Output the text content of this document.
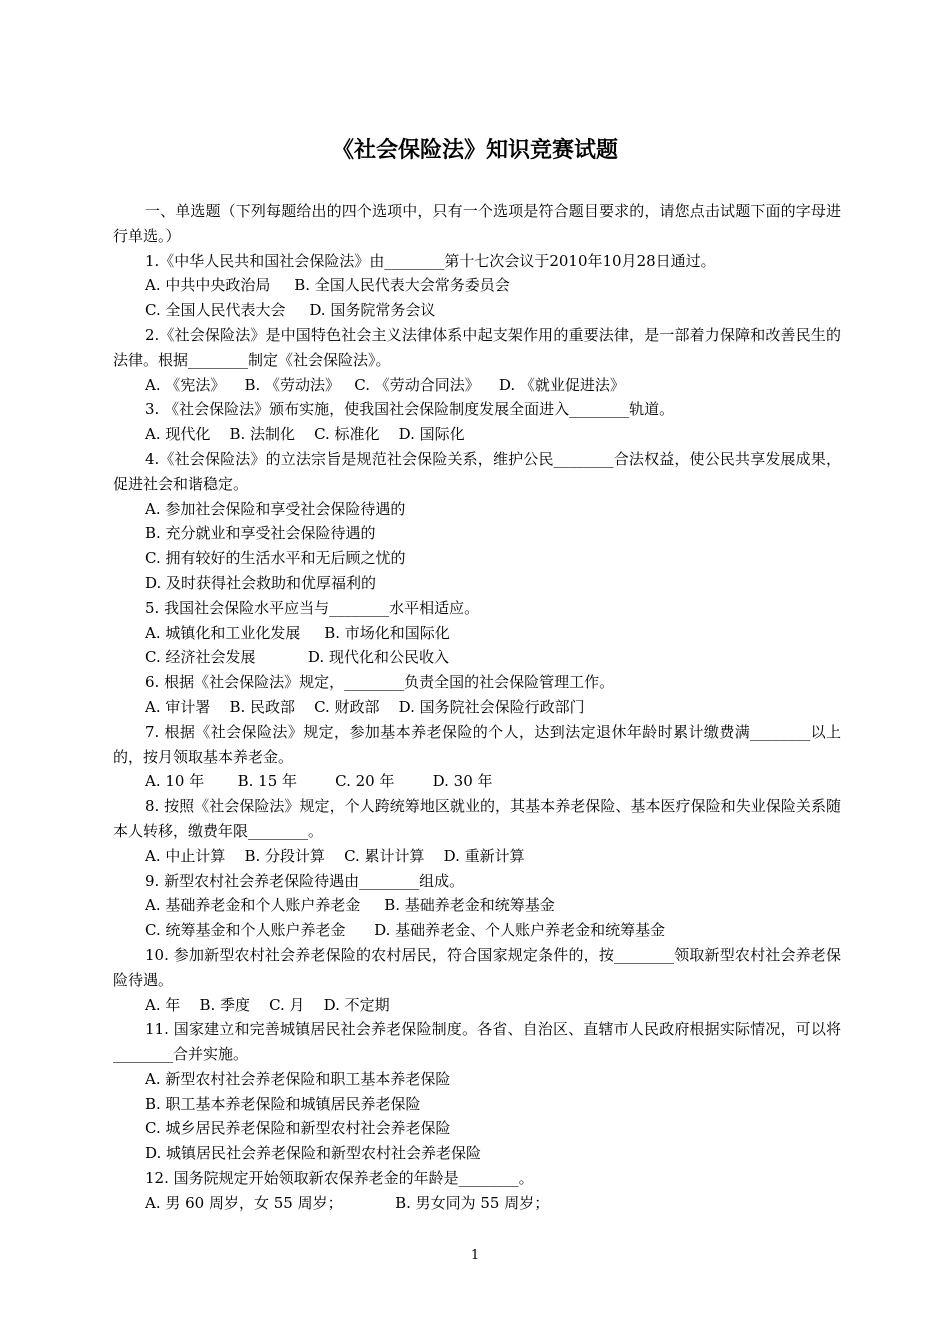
《社会保险法》知识竞赛试题

一、单选题（下列每题给出的四个选项中，只有一个选项是符合题目要求的，请您点击试题下面的字母进行单选。）

1.《中华人民共和国社会保险法》由________第十七次会议于2010年10月28日通过。

A. 中共中央政治局     B. 全国人民代表大会常务委员会

C. 全国人民代表大会     D. 国务院常务会议

2.《社会保险法》是中国特色社会主义法律体系中起支架作用的重要法律，是一部着力保障和改善民生的法律。根据________制定《社会保险法》。

A. 《宪法》    B. 《劳动法》   C. 《劳动合同法》    D. 《就业促进法》

3. 《社会保险法》颁布实施，使我国社会保险制度发展全面进入________轨道。

A. 现代化    B. 法制化    C. 标准化    D. 国际化

4.《社会保险法》的立法宗旨是规范社会保险关系，维护公民________合法权益，使公民共享发展成果，促进社会和谐稳定。

A. 参加社会保险和享受社会保险待遇的

B. 充分就业和享受社会保险待遇的

C. 拥有较好的生活水平和无后顾之忧的

D. 及时获得社会救助和优厚福利的

5. 我国社会保险水平应当与________水平相适应。

A. 城镇化和工业化发展     B. 市场化和国际化

C. 经济社会发展           D. 现代化和公民收入

6. 根据《社会保险法》规定，________负责全国的社会保险管理工作。

A. 审计署    B. 民政部    C. 财政部    D. 国务院社会保险行政部门

7. 根据《社会保险法》规定，参加基本养老保险的个人，达到法定退休年龄时累计缴费满________以上的，按月领取基本养老金。

A. 10 年       B. 15 年        C. 20 年        D. 30 年

8. 按照《社会保险法》规定，个人跨统筹地区就业的，其基本养老保险、基本医疗保险和失业保险关系随本人转移，缴费年限________。

A. 中止计算    B. 分段计算    C. 累计计算    D. 重新计算

9. 新型农村社会养老保险待遇由________组成。

A. 基础养老金和个人账户养老金     B. 基础养老金和统筹基金

C. 统筹基金和个人账户养老金      D. 基础养老金、个人账户养老金和统筹基金

10. 参加新型农村社会养老保险的农村居民，符合国家规定条件的，按________领取新型农村社会养老保险待遇。

A. 年    B. 季度    C. 月    D. 不定期

11. 国家建立和完善城镇居民社会养老保险制度。各省、自治区、直辖市人民政府根据实际情况，可以将________合并实施。

A. 新型农村社会养老保险和职工基本养老保险

B. 职工基本养老保险和城镇居民养老保险

C. 城乡居民养老保险和新型农村社会养老保险

D. 城镇居民社会养老保险和新型农村社会养老保险

12. 国务院规定开始领取新农保养老金的年龄是________。

A. 男 60 周岁，女 55 周岁；           B. 男女同为 55 周岁；

1
